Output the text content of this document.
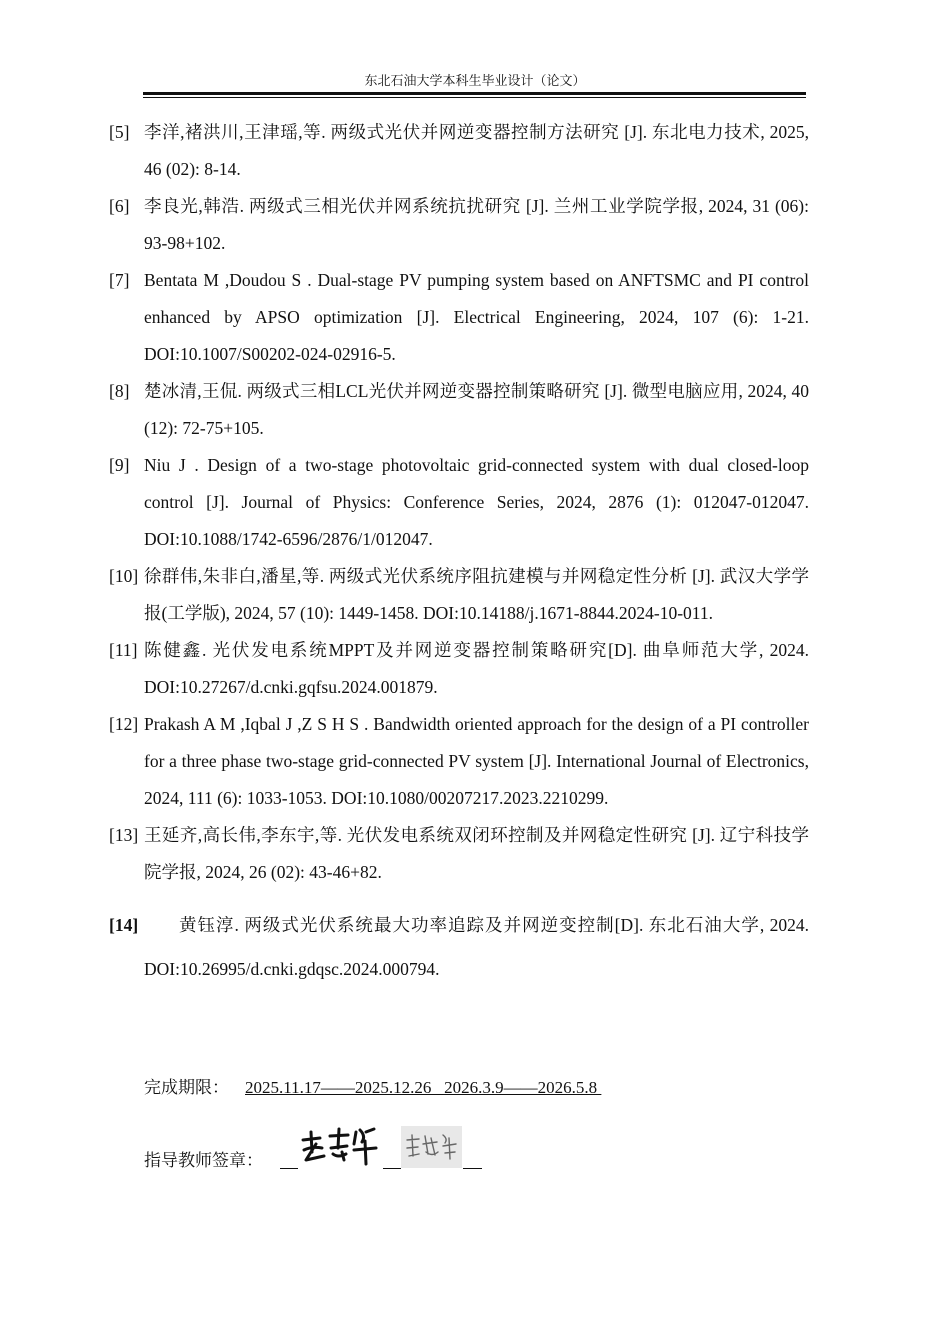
东北石油大学本科生毕业设计（论文）
[5] 李洋,褚洪川,王津瑶,等. 两级式光伏并网逆变器控制方法研究 [J]. 东北电力技术, 2025, 46 (02): 8-14.
[6] 李良光,韩浩. 两级式三相光伏并网系统抗扰研究 [J]. 兰州工业学院学报, 2024, 31 (06): 93-98+102.
[7] Bentata M ,Doudou S . Dual-stage PV pumping system based on ANFTSMC and PI control enhanced by APSO optimization [J]. Electrical Engineering, 2024, 107 (6): 1-21. DOI:10.1007/S00202-024-02916-5.
[8] 楚冰清,王侃. 两级式三相LCL光伏并网逆变器控制策略研究 [J]. 微型电脑应用, 2024, 40 (12): 72-75+105.
[9] Niu J . Design of a two-stage photovoltaic grid-connected system with dual closed-loop control [J]. Journal of Physics: Conference Series, 2024, 2876 (1): 012047-012047. DOI:10.1088/1742-6596/2876/1/012047.
[10] 徐群伟,朱非白,潘星,等. 两级式光伏系统序阻抗建模与并网稳定性分析 [J]. 武汉大学学报(工学版), 2024, 57 (10): 1449-1458. DOI:10.14188/j.1671-8844.2024-10-011.
[11] 陈健鑫. 光伏发电系统MPPT及并网逆变器控制策略研究[D]. 曲阜师范大学, 2024. DOI:10.27267/d.cnki.gqfsu.2024.001879.
[12] Prakash A M ,Iqbal J ,Z S H S . Bandwidth oriented approach for the design of a PI controller for a three phase two-stage grid-connected PV system [J]. International Journal of Electronics, 2024, 111 (6): 1033-1053. DOI:10.1080/00207217.2023.2210299.
[13] 王延齐,高长伟,李东宇,等. 光伏发电系统双闭环控制及并网稳定性研究 [J]. 辽宁科技学院学报, 2024, 26 (02): 43-46+82.
[14]	黄钰淳. 两级式光伏系统最大功率追踪及并网逆变控制[D]. 东北石油大学, 2024. DOI:10.26995/d.cnki.gdqsc.2024.000794.
完成期限： 2025.11.17——2025.12.26   2026.3.9——2026.5.8
指导教师签章：
